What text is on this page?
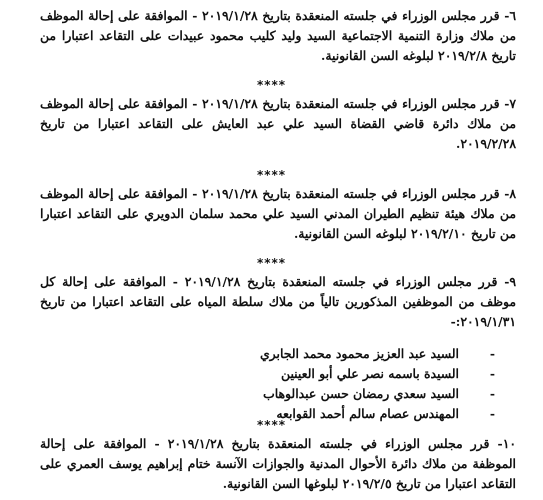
٦- قرر مجلس الوزراء في جلسته المنعقدة بتاريخ ٢٠١٩/١/٢٨ - الموافقة على إحالة الموظف من ملاك وزارة التنمية الاجتماعية السيد وليد كليب محمود عبيدات على التقاعد اعتبارا من تاريخ ٢٠١٩/٢/٨ لبلوغه السن القانونية.

****

٧- قرر مجلس الوزراء في جلسته المنعقدة بتاريخ ٢٠١٩/١/٢٨ - الموافقة على إحالة الموظف من ملاك دائرة قاضي القضاة السيد علي عبد العايش على التقاعد اعتبارا من تاريخ ٢٠١٩/٢/٢٨.

****

٨- قرر مجلس الوزراء في جلسته المنعقدة بتاريخ ٢٠١٩/١/٢٨ - الموافقة على إحالة الموظف من ملاك هيئة تنظيم الطيران المدني السيد علي محمد سلمان الدويري على التقاعد اعتبارا من تاريخ ٢٠١٩/٢/١٠ لبلوغه السن القانونية.

****

٩- قرر مجلس الوزراء في جلسته المنعقدة بتاريخ ٢٠١٩/١/٢٨ - الموافقة على إحالة كل موظف من الموظفين المذكورين تالياً من ملاك سلطة المياه على التقاعد اعتبارا من تاريخ ٢٠١٩/١/٣١:-

-
السيد عبد العزيز محمود محمد الجابري
-
السيدة باسمه نصر علي أبو العينين
-
السيد سعدي رمضان حسن عبدالوهاب
-
المهندس عصام سالم أحمد القوابعه
****

١٠- قرر مجلس الوزراء في جلسته المنعقدة بتاريخ ٢٠١٩/١/٢٨ - الموافقة على إحالة الموظفة من ملاك دائرة الأحوال المدنية والجوازات الآنسة ختام إبراهيم يوسف العمري على التقاعد اعتبارا من تاريخ ٢٠١٩/٢/٥ لبلوغها السن القانونية.
